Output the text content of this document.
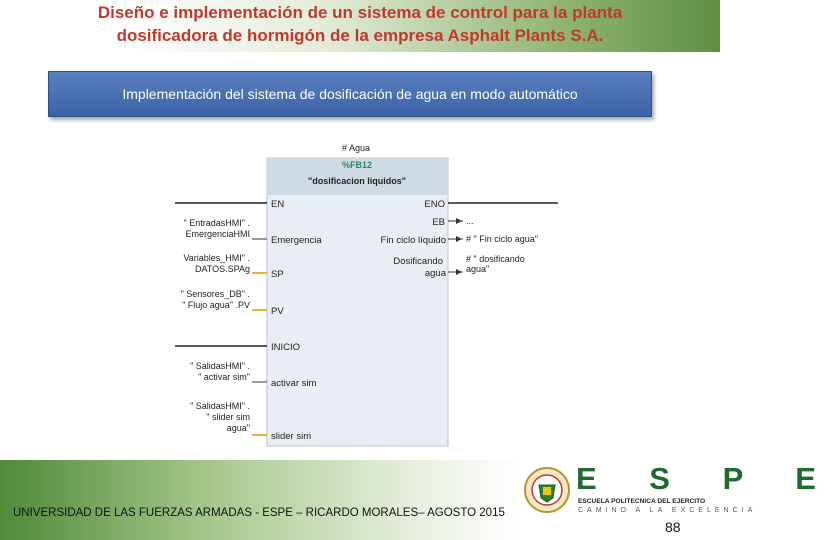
Diseño e implementación de un sistema de control para la planta
dosificadora de hormigón de la empresa Asphalt Plants S.A.
Implementación del sistema de dosificación de agua en modo automático
# Agua
%FB12
"dosificacion liquidos"
EN
Emergencia
SP
PV
INICIO
activar sim
slider sim
ENO
EB
Fin ciclo líquido
Dosificando
agua
" EntradasHMI" .
EmergenciaHMI
Variables_HMI" .
DATOS.SPAg
" Sensores_DB" .
" Flujo agua" .PV
" SalidasHMI" .
" activar sim"
" SalidasHMI" .
" slider sim
agua"
...
# " Fin ciclo agua"
# " dosificando
agua"
UNIVERSIDAD DE LAS FUERZAS ARMADAS - ESPE – RICARDO MORALES– AGOSTO 2015
E S P E
ESCUELA POLITECNICA DEL EJERCITO
CAMINO A LA EXCELENCIA
88
